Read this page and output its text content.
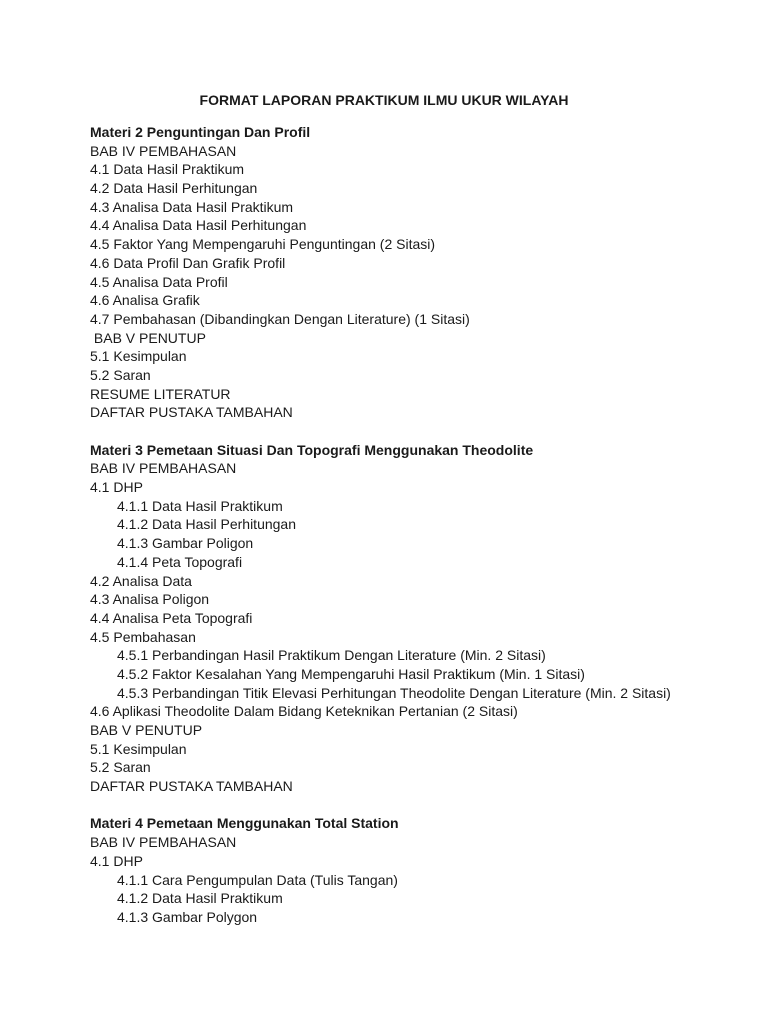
FORMAT LAPORAN PRAKTIKUM ILMU UKUR WILAYAH
Materi 2 Penguntingan Dan Profil
BAB IV PEMBAHASAN
4.1 Data Hasil Praktikum
4.2 Data Hasil Perhitungan
4.3 Analisa Data Hasil Praktikum
4.4 Analisa Data Hasil Perhitungan
4.5 Faktor Yang Mempengaruhi Penguntingan (2 Sitasi)
4.6 Data Profil Dan Grafik Profil
4.5 Analisa Data Profil
4.6 Analisa Grafik
4.7 Pembahasan (Dibandingkan Dengan Literature) (1 Sitasi)
BAB V PENUTUP
5.1 Kesimpulan
5.2 Saran
RESUME LITERATUR
DAFTAR PUSTAKA TAMBAHAN
Materi 3 Pemetaan Situasi Dan Topografi Menggunakan Theodolite
BAB IV PEMBAHASAN
4.1 DHP
4.1.1 Data Hasil Praktikum
4.1.2 Data Hasil Perhitungan
4.1.3 Gambar Poligon
4.1.4 Peta Topografi
4.2 Analisa Data
4.3 Analisa Poligon
4.4 Analisa Peta Topografi
4.5 Pembahasan
4.5.1 Perbandingan Hasil Praktikum Dengan Literature (Min. 2 Sitasi)
4.5.2 Faktor Kesalahan Yang Mempengaruhi Hasil Praktikum (Min. 1 Sitasi)
4.5.3 Perbandingan Titik Elevasi Perhitungan Theodolite Dengan Literature (Min. 2 Sitasi)
4.6 Aplikasi Theodolite Dalam Bidang Keteknikan Pertanian (2 Sitasi)
BAB V PENUTUP
5.1 Kesimpulan
5.2 Saran
DAFTAR PUSTAKA TAMBAHAN
Materi 4 Pemetaan Menggunakan Total Station
BAB IV PEMBAHASAN
4.1 DHP
4.1.1 Cara Pengumpulan Data (Tulis Tangan)
4.1.2 Data Hasil Praktikum
4.1.3 Gambar Polygon
